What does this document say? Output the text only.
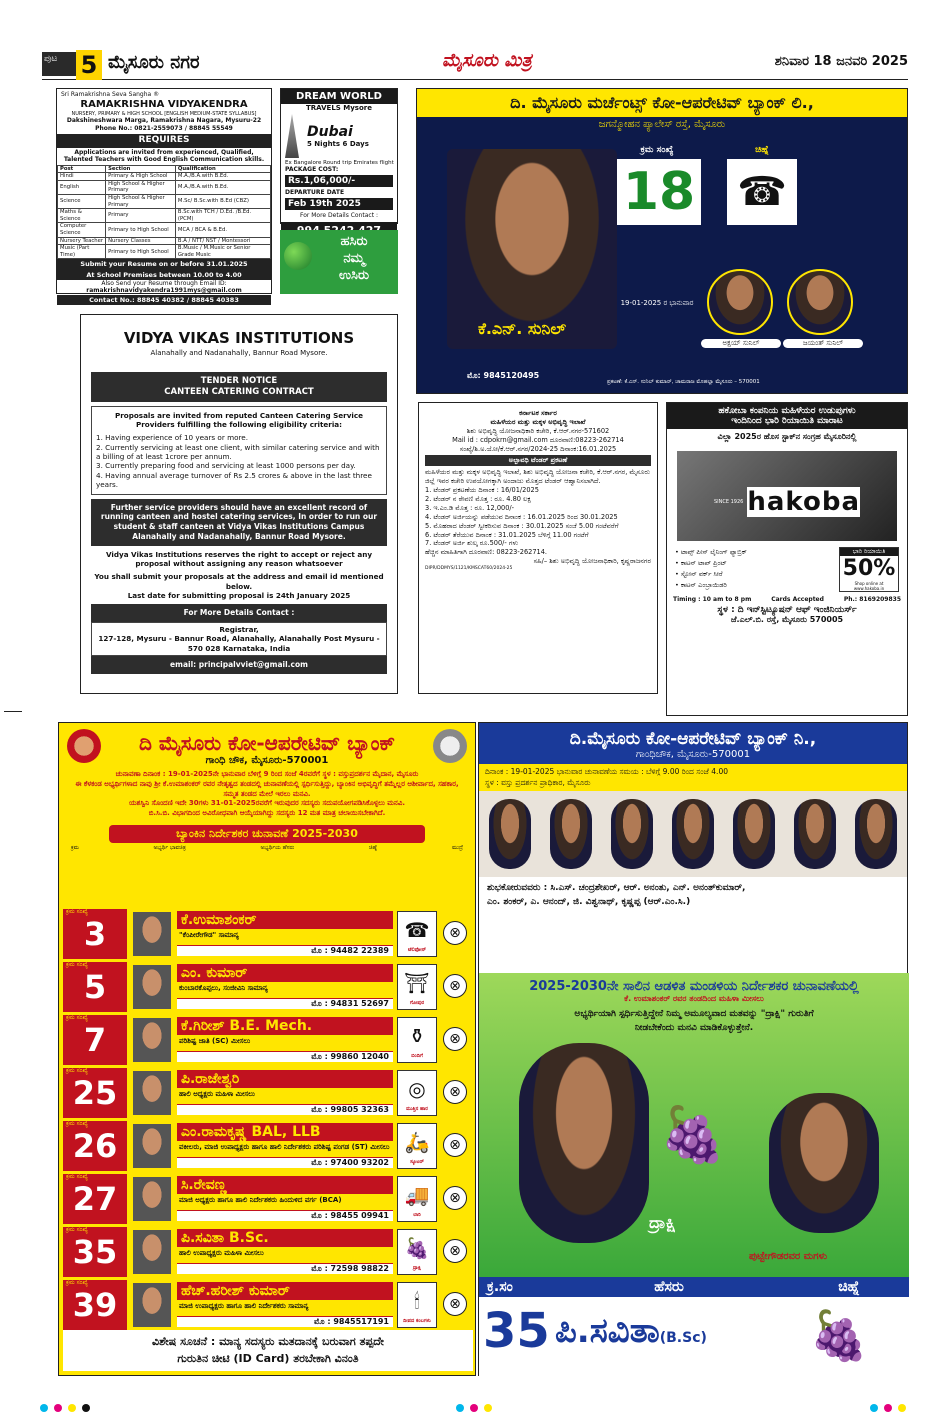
ಪುಟ 5 ಮೈಸೂರು ನಗರ	ಮೈಸೂರು ಮಿತ್ರ	ಶನಿವಾರ 18 ಜನವರಿ 2025
Sri Ramakrishna Seva Sangha ®
RAMAKRISHNA VIDYAKENDRA
NURSERY, PRIMARY & HIGH SCHOOL [ENGLISH MEDIUM-STATE SYLLABUS]
Dakshineshwara Marga, Ramakrishna Nagara, Mysuru-22
Phone No.: 0821-2559073 / 88845 55549
REQUIRES
Applications are invited from experienced, Qualified, Talented Teachers with Good English Communication skills.
Post	Section	Qualification
Hindi	Primary & High School	M.A./B.A.with B.Ed.
English	High School & Higher Primary	M.A./B.A.with B.Ed.
Science	High School & Higher Primary	M.Sc/ B.Sc.with B.Ed (CBZ)
Maths & Science	Primary	B.Sc.with TCH / D.Ed. /B.Ed. (PCM)
Computer Science	Primary to High School	MCA / BCA & B.Ed.
Nursery Teacher	Nursery Classes	B.A / NTT/ NST / Montessori
Music (Part Time)	Primary to High School	B.Music / M.Music or Senior Grade Music
Submit your Resume on or before 31.01.2025
At School Premises between 10.00 to 4.00
Also Send your Resume through Email ID:
ramakrishnavidyakendra1991mys@gmail.com
Contact No.: 88845 40382 / 88845 40383
DREAM WORLD
TRAVELS Mysore
Dubai
5 Nights 6 Days
Ex Bangalore Round trip Emirates flight
PACKAGE COST:
Rs.1,06,000/-
DEPARTURE DATE
Feb 19th 2025
For More Details Contact :
ಹಸಿರು
ನಮ್ಮ
ಉಸಿರು
ದಿ. ಮೈಸೂರು ಮರ್ಚೆಂಟ್ಸ್ ಕೋ-ಆಪರೇಟಿವ್ ಬ್ಯಾಂಕ್ ಲಿ.,
ಜಗನ್ಮೋಹನ ಪ್ಯಾಲೇಸ್ ರಸ್ತೆ, ಮೈಸೂರು
ಕ್ರಮ ಸಂಖ್ಯೆ
18
ಚಿಹ್ನೆ
☎
19-01-2025 ರ ಭಾನುವಾರ
ಅಕ್ಷಯ್ ಸುನಿಲ್	ಜಯಂತ್ ಸುನಿಲ್
ಕೆ.ಎನ್. ಸುನಿಲ್
ಮೊ: 9845120495
ಪ್ರಕಟಣೆ: ಕೆ.ಎನ್. ಸುನಿಲ್ ಕುಮಾರ್, ಚಾಮರಾಜ ಮೊಹಲ್ಲಾ ಮೈಸೂರು – 570001
VIDYA VIKAS INSTITUTIONS
Alanahally and Nadanahally, Bannur Road Mysore.
TENDER NOTICE
CANTEEN CATERING CONTRACT
Proposals are invited from reputed Canteen Catering Service Providers fulfilling the following eligibility criteria:
1. Having experience of 10 years or more.
2. Currently servicing at least one client, with similar catering service and with a billing of at least 1crore per annum.
3. Currently preparing food and servicing at least 1000 persons per day.
4. Having annual average turnover of Rs 2.5 crores & above in the last three years.
Further service providers should have an excellent record of running canteen and hostel catering services, In order to run our student & staff canteen at Vidya Vikas Institutions Campus Alanahally and Nadanahally, Bannur Road Mysore.
Vidya Vikas Institutions reserves the right to accept or reject any proposal without assigning any reason whatsoever
You shall submit your proposals at the address and email id mentioned below.
Last date for submitting proposal is 24th January 2025
For More Details Contact :
Registrar,
127-128, Mysuru - Bannur Road, Alanahally, Alanahally Post Mysuru - 570 028 Karnataka, India
email: principalvviet@gmail.com
ಕರ್ನಾಟಕ ಸರ್ಕಾರ
ಮಹಿಳೆಯರ ಮತ್ತು ಮಕ್ಕಳ ಅಭಿವೃದ್ಧಿ ಇಲಾಖೆ
ಶಿಶು ಅಭಿವೃದ್ಧಿ ಯೋಜನಾಧಿಕಾರಿ ಕಚೇರಿ, ಕೆ.ಆರ್.ನಗರ-571602
Mail id : cdpokrn@gmail.com ದೂರವಾಣಿ:08223-262714
ಸಂಖ್ಯೆ/ಶಿ.ಅ.ಯೋ/ಕೆ.ಆರ್.ನಗರ/2024-25 ದಿನಾಂಕ:16.01.2025
ಅಲ್ಪಾವಧಿ ಟೆಂಡರ್ ಪ್ರಕಟಣೆ
ಮಹಿಳೆಯರ ಮತ್ತು ಮಕ್ಕಳ ಅಭಿವೃದ್ಧಿ ಇಲಾಖೆ, ಶಿಶು ಅಭಿವೃದ್ಧಿ ಯೋಜನಾ ಕಚೇರಿ, ಕೆ.ಆರ್.ನಗರ, ಮೈಸೂರು ಜಿಲ್ಲೆ ಇವರ ಕಚೇರಿ ಉಪಯೋಗಕ್ಕಾಗಿ ಅಂದಾಜು ಮೊತ್ತದ ಟೆಂಡರ್ ಆಹ್ವಾನಿಸಲಾಗಿದೆ.
1. ಟೆಂಡರ್ ಪ್ರಕಟಣೆಯ ದಿನಾಂಕ : 16/01/2025
2. ಟೆಂಡರ್ ನ ಠೇವಣಿ ಮೊತ್ತ : ರೂ. 4.80 ಲಕ್ಷ
3. ಇ.ಎಂ.ಡಿ ಮೊತ್ತ : ರೂ. 12,000/-
4. ಟೆಂಡರ್ ಅರ್ಜಿಯನ್ನು ಪಡೆಯುವ ದಿನಾಂಕ : 16.01.2025 ರಿಂದ 30.01.2025
5. ಮೊಹರಾದ ಟೆಂಡರ್ ಸ್ವೀಕರಿಸುವ ದಿನಾಂಕ : 30.01.2025 ಸಂಜೆ 5.00 ಗಂಟೆವರೆಗೆ
6. ಟೆಂಡರ್ ತೆರೆಯುವ ದಿನಾಂಕ : 31.01.2025 ಬೆಳಿಗ್ಗೆ 11.00 ಗಂಟೆಗೆ
7. ಟೆಂಡರ್ ಅರ್ಜಿ ಶುಲ್ಕ ರೂ.500/- ಗಳು
ಹೆಚ್ಚಿನ ಮಾಹಿತಿಗಾಗಿ ದೂರವಾಣಿ: 08223-262714.
ಸಹಿ/– ಶಿಶು ಅಭಿವೃದ್ಧಿ ಯೋಜನಾಧಿಕಾರಿ, ಕೃಷ್ಣರಾಜನಗರ
DIPR/DDMYS/1121/KMSCAT60/2024-25
ಹಕೋಬಾ ಕಂಪನಿಯ ಮಹಿಳೆಯರ ಉಡುಪುಗಳು
ಇಂದಿನಿಂದ ಭಾರಿ ರಿಯಾಯಿತಿ ಮಾರಾಟ
ವಿಲ್ಲಾ 2025ರ ಹೊಸ ಸ್ಟಾಕ್‌ನ ಸಂಗ್ರಹ ಮೈಸೂರಿನಲ್ಲಿ
SINCE 1926 hakoba
• ಟಾಪ್ಸ್ ಪೀಸ್ ಲೈನಿಂಗ್ ಫ್ಯಾಬ್ರಿಕ್
• ಕಾಟನ್ ಟಾಪ್ ಪ್ರಿಂಟ್
• ಸ್ಟೋನ್ ವರ್ಕ್ ಸೀರೆ
• ಕಾಟನ್ ಎಂಬ್ರಾಯಿಡರಿ
ಭಾರಿ ರಿಯಾಯಿತಿ
50%
Shop online at www.hakoba.in
Timing : 10 am to 8 pm	Cards Accepted	Ph.: 8169209835
ಸ್ಥಳ : ದಿ ಇನ್‌ಸ್ಟಿಟ್ಯೂಷನ್ ಆಫ್ ಇಂಜಿನಿಯರ್ಸ್
ಜೆ.ಎಲ್.ಬಿ. ರಸ್ತೆ, ಮೈಸೂರು 570005
ದಿ ಮೈಸೂರು ಕೋ-ಆಪರೇಟಿವ್ ಬ್ಯಾಂಕ್
ಗಾಂಧಿ ಚೌಕ, ಮೈಸೂರು-570001
ಚುನಾವಣಾ ದಿನಾಂಕ : 19-01-2025ನೇ ಭಾನುವಾರ ಬೆಳಿಗ್ಗೆ 9 ರಿಂದ ಸಂಜೆ 4ರವರೆಗೆ ಸ್ಥಳ : ವಸ್ತುಪ್ರದರ್ಶನ ಮೈದಾನ, ಮೈಸೂರು
ಈ ಕೆಳಕಂಡ ಅಭ್ಯರ್ಥಿಗಳಾದ ನಾವು ಶ್ರೀ ಕೆ.ಉಮಾಶಂಕರ್ ರವರ ನೇತೃತ್ವದ ತಂಡದಲ್ಲಿ ಚುನಾವಣೆಯಲ್ಲಿ ಸ್ಪರ್ಧಿಸುತ್ತಿದ್ದು, ಬ್ಯಾಂಕಿನ ಅಭಿವೃದ್ಧಿಗೆ ತಮ್ಮೆಲ್ಲರ ಆಶೀರ್ವಾದ, ಸಹಕಾರ, ಸಮ್ಮತ ತಂಡದ ಮೇಲೆ ಇರಲು ಮನವಿ.
ಯಶಸ್ವಿನಿ ಸೊಂದಣಿ ಇದೇ 30ಗಳು 31-01-2025ರವರೆಗೆ ಇರುವುದರ ಸದಸ್ಯರು ಸದುಪಯೋಗಪಡಿಸಿಕೊಳ್ಳಲು ಮನವಿ.
ಬಿ.ಸಿ.ಬಿ. ವಿಭಾಗದಿಂದ ಅವಿರೋಧವಾಗಿ ಆಯ್ಕೆಯಾಗಿದ್ದು ಸದಸ್ಯರು 12 ಮತ ಮಾತ್ರ ಚಲಾಯಿಸಬೇಕಾಗಿದೆ.
ಬ್ಯಾಂಕಿನ ನಿರ್ದೇಶಕರ ಚುನಾವಣೆ 2025-2030
ಕ್ರಮ	ಅಭ್ಯರ್ಥಿ ಭಾವಚಿತ್ರ	ಅಭ್ಯರ್ಥಿಯ ಹೆಸರು	ಚಿಹ್ನೆ	ಮುದ್ರೆ
3
ಕ್ರಮ ಸಂಖ್ಯೆ
ಕೆ.ಉಮಾಶಂಕರ್
"ಕೆಂಪೀರೇಗೌಡ" ಸಾಮಾನ್ಯ
ಮೊ : 94482 22389
☎
ಟೆಲಿಫೋನ್
⊗
5
ಕ್ರಮ ಸಂಖ್ಯೆ
ಎಂ. ಕುಮಾರ್
ಕುಂಬಾರಕೊಪ್ಪಲು, ಸಂಜೀವಿನಿ ಸಾಮಾನ್ಯ
ಮೊ : 94831 52697
⛩
ಗೋಪುರ
⊗
7
ಕ್ರಮ ಸಂಖ್ಯೆ
ಕೆ.ಗಿರೀಶ್ B.E. Mech.
ಪರಿಶಿಷ್ಟ ಜಾತಿ (SC) ಮೀಸಲು
ಮೊ : 99860 12040
⚱
ಬಿಂದಿಗೆ
⊗
25
ಕ್ರಮ ಸಂಖ್ಯೆ
ಪಿ.ರಾಜೇಶ್ವರಿ
ಹಾಲಿ ಅಧ್ಯಕ್ಷರು ಮಹಿಳಾ ಮೀಸಲು
ಮೊ : 99805 32363
◎
ಮುತ್ತಿನ ಹಾರ
⊗
26
ಕ್ರಮ ಸಂಖ್ಯೆ
ಎಂ.ರಾಮಕೃಷ್ಣ BAL, LLB
ವಕೀಲರು, ಮಾಜಿ ಉಪಾಧ್ಯಕ್ಷರು ಹಾಗೂ ಹಾಲಿ ನಿರ್ದೇಶಕರು ಪರಿಶಿಷ್ಟ ಪಂಗಡ (ST) ಮೀಸಲು
ಮೊ : 97400 93202
🛵
ಸ್ಕೂಟರ್
⊗
27
ಕ್ರಮ ಸಂಖ್ಯೆ
ಸಿ.ರೇವಣ್ಣ
ಮಾಜಿ ಅಧ್ಯಕ್ಷರು ಹಾಗೂ ಹಾಲಿ ನಿರ್ದೇಶಕರು ಹಿಂದುಳಿದ ವರ್ಗ (BCA)
ಮೊ : 98455 09941
🚚
ಲಾರಿ
⊗
35
ಕ್ರಮ ಸಂಖ್ಯೆ
ಪಿ.ಸವಿತಾ B.Sc.
ಹಾಲಿ ಉಪಾಧ್ಯಕ್ಷರು ಮಹಿಳಾ ಮೀಸಲು
ಮೊ : 72598 98822
🍇
ದ್ರಾಕ್ಷಿ
⊗
39
ಕ್ರಮ ಸಂಖ್ಯೆ
ಹೆಚ್.ಹರೀಶ್ ಕುಮಾರ್
ಮಾಜಿ ಉಪಾಧ್ಯಕ್ಷರು ಹಾಗೂ ಹಾಲಿ ನಿರ್ದೇಶಕರು ಸಾಮಾನ್ಯ
ಮೊ : 9845517191
🕯
ದೀಪದ ಕಂಬಗಳು
⊗
ವಿಶೇಷ ಸೂಚನೆ : ಮಾನ್ಯ ಸದಸ್ಯರು ಮತದಾನಕ್ಕೆ ಬರುವಾಗ ತಪ್ಪದೇ
ಗುರುತಿನ ಚೀಟಿ (ID Card) ತರಬೇಕಾಗಿ ವಿನಂತಿ
ದಿ.ಮೈಸೂರು ಕೋ-ಆಪರೇಟಿವ್ ಬ್ಯಾಂಕ್ ನಿ.,
ಗಾಂಧಿಚೌಕ, ಮೈಸೂರು-570001
ದಿನಾಂಕ : 19-01-2025 ಭಾನುವಾರ ಚುನಾವಣೆಯ ಸಮಯ : ಬೆಳಿಗ್ಗೆ 9.00 ರಿಂದ ಸಂಜೆ 4.00
ಸ್ಥಳ : ವಸ್ತು ಪ್ರದರ್ಶನ ಪ್ರಾಧಿಕಾರ, ಮೈಸೂರು
ಶುಭಕೋರುವವರು : ಸಿ.ಎಸ್. ಚಂದ್ರಶೇಖರ್, ಆರ್. ಅನಂತು, ಎನ್. ಅನಂತ್‌ಕುಮಾರ್,
ಎಂ. ಶಂಕರ್, ಎ. ಆನಂದ್, ಜಿ. ವಿಶ್ವನಾಥ್, ಕೃಷ್ಣಪ್ಪ (ಆರ್.ಎಂ.ಸಿ.)
2025-2030ನೇ ಸಾಲಿನ ಆಡಳಿತ ಮಂಡಳಿಯ ನಿರ್ದೇಶಕರ ಚುನಾವಣೆಯಲ್ಲಿ
ಕೆ. ಉಮಾಶಂಕರ್ ರವರ ತಂಡದಿಂದ ಮಹಿಳಾ ಮೀಸಲು
ಅಭ್ಯರ್ಥಿಯಾಗಿ ಸ್ಪರ್ಧಿಸುತ್ತಿದ್ದೇನೆ ನಿಮ್ಮ ಅಮೂಲ್ಯವಾದ ಮತವನ್ನು "ದ್ರಾಕ್ಷಿ" ಗುರುತಿಗೆ ನೀಡಬೇಕೆಂದು ಮನವಿ ಮಾಡಿಕೊಳ್ಳುತ್ತೇನೆ.
🍇
ದ್ರಾಕ್ಷಿ
ಪುಟ್ಟೇಗೌಡರವರ ಮಗಳು
ಕ್ರ.ಸಂ	ಹೆಸರು	ಚಿಹ್ನೆ
35 ಪಿ.ಸವಿತಾ(B.Sc) 🍇
